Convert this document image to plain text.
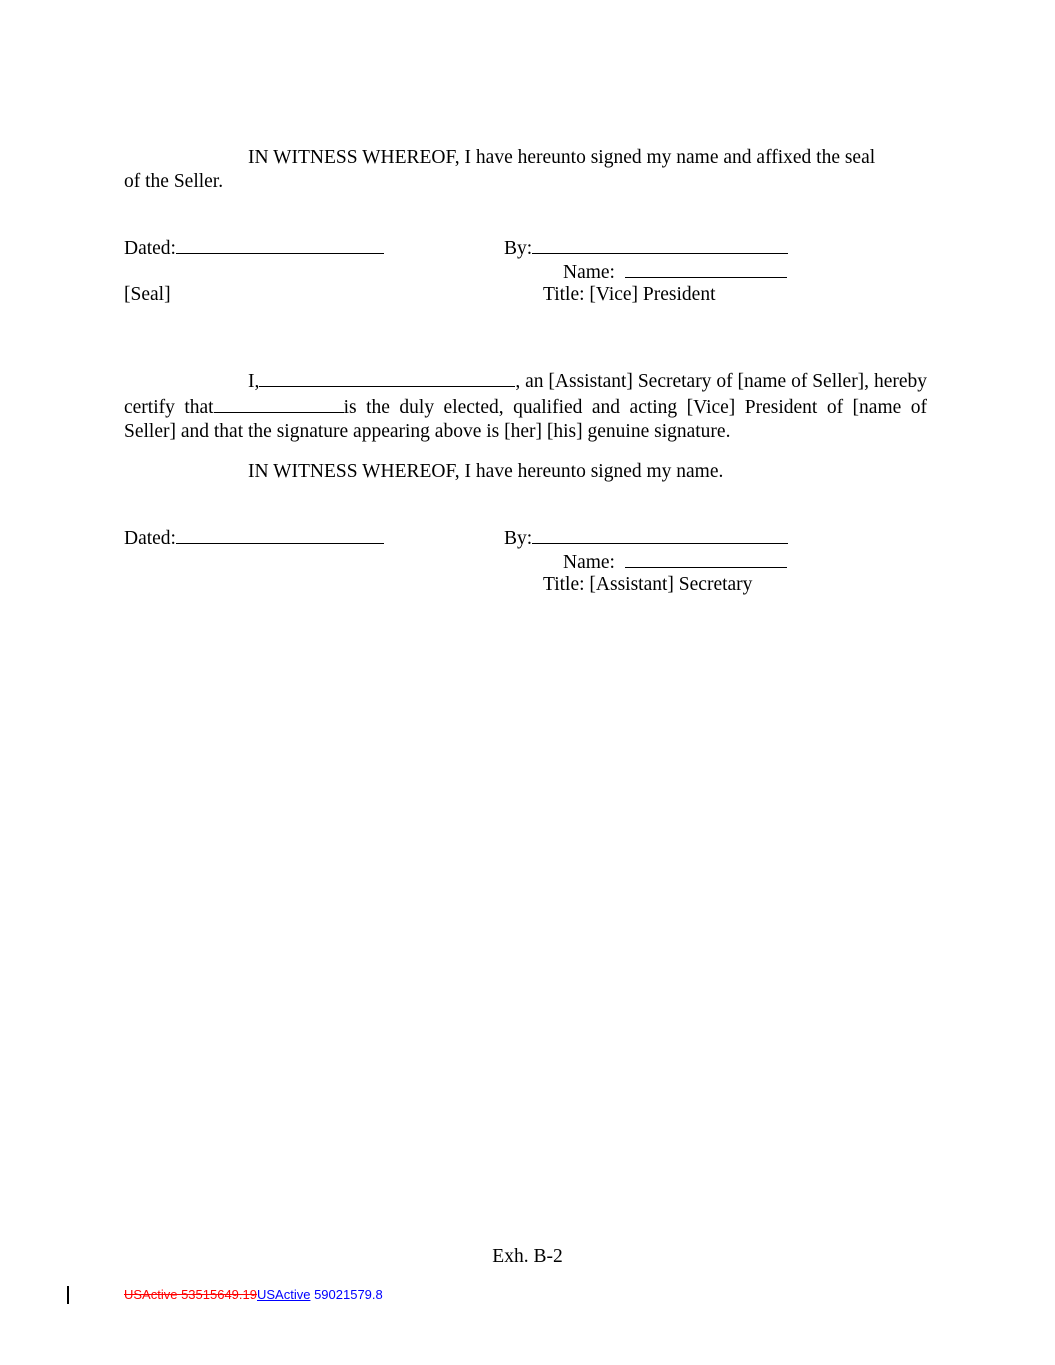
IN WITNESS WHEREOF, I have hereunto signed my name and affixed the seal
of the Seller.
Dated:	By:
Name:
[Seal]	Title: [Vice] President
I,	, an [Assistant] Secretary of [name of Seller], hereby certify that	is the duly elected, qualified and acting [Vice] President of [name of Seller] and that the signature appearing above is [her] [his] genuine signature.
IN WITNESS WHEREOF, I have hereunto signed my name.
Dated:	By:
Name:
Title: [Assistant] Secretary
Exh. B-2
USActive 53515649.19USActive 59021579.8
